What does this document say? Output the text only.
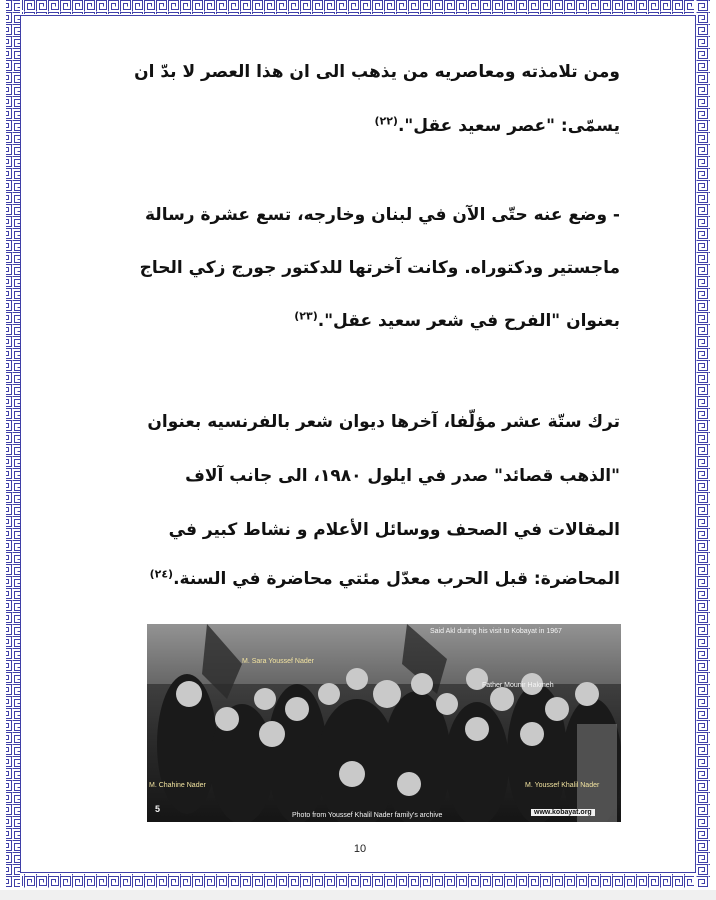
ومن تلامذته ومعاصريه من يذهب الى ان هذا العصر لا بدّ ان
يسمّى: "عصر سعيد عقل".$^{(٢٢)}$
- وضع عنه حتّى الآن في لبنان وخارجه، تسع عشرة رسالة
ماجستير ودكتوراه. وكانت آخرتها للدكتور جورج زكي الحاج
بعنوان "الفرح في شعر سعيد عقل".$^{(٢٣)}$
ترك ستّة عشر مؤلّفا، آخرها ديوان شعر بالفرنسيه بعنوان
"الذهب قصائد" صدر في ايلول ١٩٨٠، الى جانب آلاف
المقالات في الصحف ووسائل الأعلام و نشاط كبير في
المحاضرة: قبل الحرب معدّل مئتي محاضرة في السنة.$^{(٢٤)}$
Said Akl during his visit to Kobayat in 1967
M. Sara Youssef Nader
Father Mounir Hakmeh
M. Chahine Nader	M. Youssef Khalil Nader
5
Photo from Youssef Khalil Nader family's archive	www.kobayat.org
10
